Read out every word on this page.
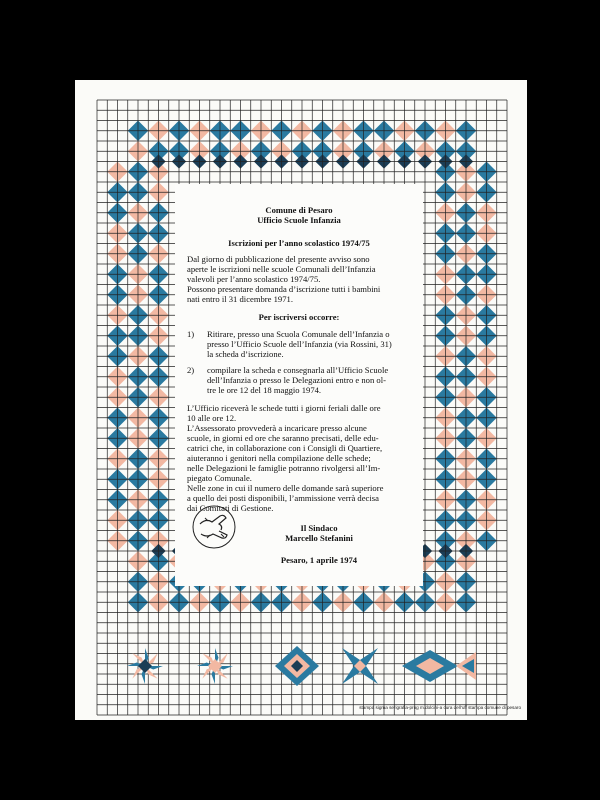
Comune di Pesaro
Ufficio Scuole Infanzia
Iscrizioni per l’anno scolastico 1974/75
Dal giorno di pubblicazione del presente avviso sono
aperte le iscrizioni nelle scuole Comunali dell’Infanzia
valevoli per l’anno scolastico 1974/75.
Possono presentare domanda d’iscrizione tutti i bambini
nati entro il 31 dicembre 1971.
Per iscriversi occorre:
1) Ritirare, presso una Scuola Comunale dell’Infanzia o
presso l’Ufficio Scuole dell’Infanzia (via Rossini, 31)
la scheda d’iscrizione.
2) compilare la scheda e consegnarla all’Ufficio Scuole
dell’Infanzia o presso le Delegazioni entro e non ol-
tre le ore 12 del 18 maggio 1974.
L’Ufficio riceverà le schede tutti i giorni feriali dalle ore
10 alle ore 12.
L’Assessorato provvederà a incaricare presso alcune
scuole, in giorni ed ore che saranno precisati, delle edu-
catrici che, in collaborazione con i Consigli di Quartiere,
aiuteranno i genitori nella compilazione delle schede;
nelle Delegazioni le famiglie potranno rivolgersi all’Im-
piegato Comunale.
Nelle zone in cui il numero delle domande sarà superiore
a quello dei posti disponibili, l’ammissione verrà decisa
dai Comitati di Gestione.
Il Sindaco
Marcello Stefanini
Pesaro, 1 aprile 1974
stampa sigma serigrafia-prog m.dolcini-a cura dell’uff stampa comune di pesaro
